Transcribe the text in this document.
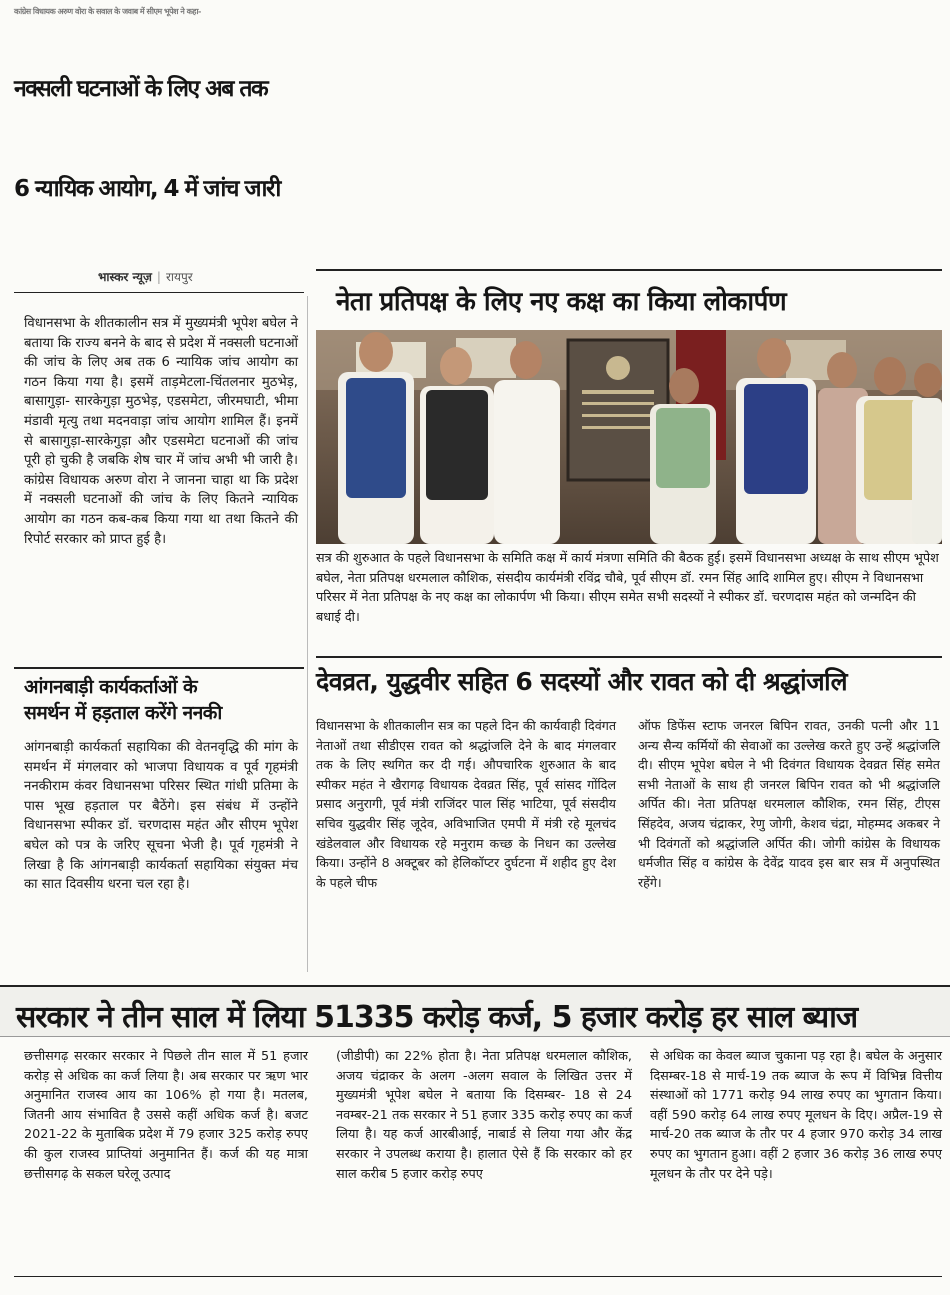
कांग्रेस विधायक अरुण वोरा के सवाल के जवाब में सीएम भूपेश ने कहा-
नक्सली घटनाओं के लिए अब तक
6 न्यायिक आयोग, 4 में जांच जारी
भास्कर न्यूज़ | रायपुर
विधानसभा के शीतकालीन सत्र में मुख्यमंत्री भूपेश बघेल ने बताया कि राज्य बनने के बाद से प्रदेश में नक्सली घटनाओं की जांच के लिए अब तक 6 न्यायिक जांच आयोग का गठन किया गया है। इसमें ताड़मेटला-चिंतलनार मुठभेड़, बासागुड़ा- सारकेगुड़ा मुठभेड़, एडसमेटा, जीरमघाटी, भीमा मंडावी मृत्यु तथा मदनवाड़ा जांच आयोग शामिल हैं। इनमें से बासागुड़ा-सारकेगुड़ा और एडसमेटा घटनाओं की जांच पूरी हो चुकी है जबकि शेष चार में जांच अभी भी जारी है। कांग्रेस विधायक अरुण वोरा ने जानना चाहा था कि प्रदेश में नक्सली घटनाओं की जांच के लिए कितने न्यायिक आयोग का गठन कब-कब किया गया था तथा कितने की रिपोर्ट सरकार को प्राप्त हुई है।
नेता प्रतिपक्ष के लिए नए कक्ष का किया लोकार्पण
सत्र की शुरुआत के पहले विधानसभा के समिति कक्ष में कार्य मंत्रणा समिति की बैठक हुई। इसमें विधानसभा अध्यक्ष के साथ सीएम भूपेश बघेल, नेता प्रतिपक्ष धरमलाल कौशिक, संसदीय कार्यमंत्री रविंद्र चौबे, पूर्व सीएम डॉ. रमन सिंह आदि शामिल हुए। सीएम ने विधानसभा परिसर में नेता प्रतिपक्ष के नए कक्ष का लोकार्पण भी किया। सीएम समेत सभी सदस्यों ने स्पीकर डॉ. चरणदास महंत को जन्मदिन की बधाई दी।
आंगनबाड़ी कार्यकर्ताओं के
समर्थन में हड़ताल करेंगे ननकी
आंगनबाड़ी कार्यकर्ता सहायिका की वेतनवृद्धि की मांग के समर्थन में मंगलवार को भाजपा विधायक व पूर्व गृहमंत्री ननकीराम कंवर विधानसभा परिसर स्थित गांधी प्रतिमा के पास भूख हड़ताल पर बैठेंगे। इस संबंध में उन्होंने विधानसभा स्पीकर डॉ. चरणदास महंत और सीएम भूपेश बघेल को पत्र के जरिए सूचना भेजी है। पूर्व गृहमंत्री ने लिखा है कि आंगनबाड़ी कार्यकर्ता सहायिका संयुक्त मंच का सात दिवसीय धरना चल रहा है।
देवव्रत, युद्धवीर सहित 6 सदस्यों और रावत को दी श्रद्धांजलि
विधानसभा के शीतकालीन सत्र का पहले दिन की कार्यवाही दिवंगत नेताओं तथा सीडीएस रावत को श्रद्धांजलि देने के बाद मंगलवार तक के लिए स्थगित कर दी गई। औपचारिक शुरुआत के बाद स्पीकर महंत ने खैरागढ़ विधायक देवव्रत सिंह, पूर्व सांसद गोंदिल प्रसाद अनुरागी, पूर्व मंत्री राजिंदर पाल सिंह भाटिया, पूर्व संसदीय सचिव युद्धवीर सिंह जूदेव, अविभाजित एमपी में मंत्री रहे मूलचंद खंडेलवाल और विधायक रहे मनुराम कच्छ के निधन का उल्लेख किया। उन्होंने 8 अक्टूबर को हेलिकॉप्टर दुर्घटना में शहीद हुए देश के पहले चीफ
ऑफ डिफेंस स्टाफ जनरल बिपिन रावत, उनकी पत्नी और 11 अन्य सैन्य कर्मियों की सेवाओं का उल्लेख करते हुए उन्हें श्रद्धांजलि दी। सीएम भूपेश बघेल ने भी दिवंगत विधायक देवव्रत सिंह समेत सभी नेताओं के साथ ही जनरल बिपिन रावत को भी श्रद्धांजलि अर्पित की। नेता प्रतिपक्ष धरमलाल कौशिक, रमन सिंह, टीएस सिंहदेव, अजय चंद्राकर, रेणु जोगी, केशव चंद्रा, मोहम्मद अकबर ने भी दिवंगतों को श्रद्धांजलि अर्पित की। जोगी कांग्रेस के विधायक धर्मजीत सिंह व कांग्रेस के देवेंद्र यादव इस बार सत्र में अनुपस्थित रहेंगे।
सरकार ने तीन साल में लिया 51335 करोड़ कर्ज, 5 हजार करोड़ हर साल ब्याज
छत्तीसगढ़ सरकार सरकार ने पिछले तीन साल में 51 हजार करोड़ से अधिक का कर्ज लिया है। अब सरकार पर ऋण भार अनुमानित राजस्व आय का 106% हो गया है। मतलब, जितनी आय संभावित है उससे कहीं अधिक कर्ज है। बजट 2021-22 के मुताबिक प्रदेश में 79 हजार 325 करोड़ रुपए की कुल राजस्व प्राप्तियां अनुमानित हैं। कर्ज की यह मात्रा छत्तीसगढ़ के सकल घरेलू उत्पाद
(जीडीपी) का 22% होता है। नेता प्रतिपक्ष धरमलाल कौशिक, अजय चंद्राकर के अलग -अलग सवाल के लिखित उत्तर में मुख्यमंत्री भूपेश बघेल ने बताया कि दिसम्बर- 18 से 24 नवम्बर-21 तक सरकार ने 51 हजार 335 करोड़ रुपए का कर्ज लिया है। यह कर्ज आरबीआई, नाबार्ड से लिया गया और केंद्र सरकार ने उपलब्ध कराया है। हालात ऐसे हैं कि सरकार को हर साल करीब 5 हजार करोड़ रुपए
से अधिक का केवल ब्याज चुकाना पड़ रहा है। बघेल के अनुसार दिसम्बर-18 से मार्च-19 तक ब्याज के रूप में विभिन्न वित्तीय संस्थाओं को 1771 करोड़ 94 लाख रुपए का भुगतान किया। वहीं 590 करोड़ 64 लाख रुपए मूलधन के दिए। अप्रैल-19 से मार्च-20 तक ब्याज के तौर पर 4 हजार 970 करोड़ 34 लाख रुपए का भुगतान हुआ। वहीं 2 हजार 36 करोड़ 36 लाख रुपए मूलधन के तौर पर देने पड़े।
